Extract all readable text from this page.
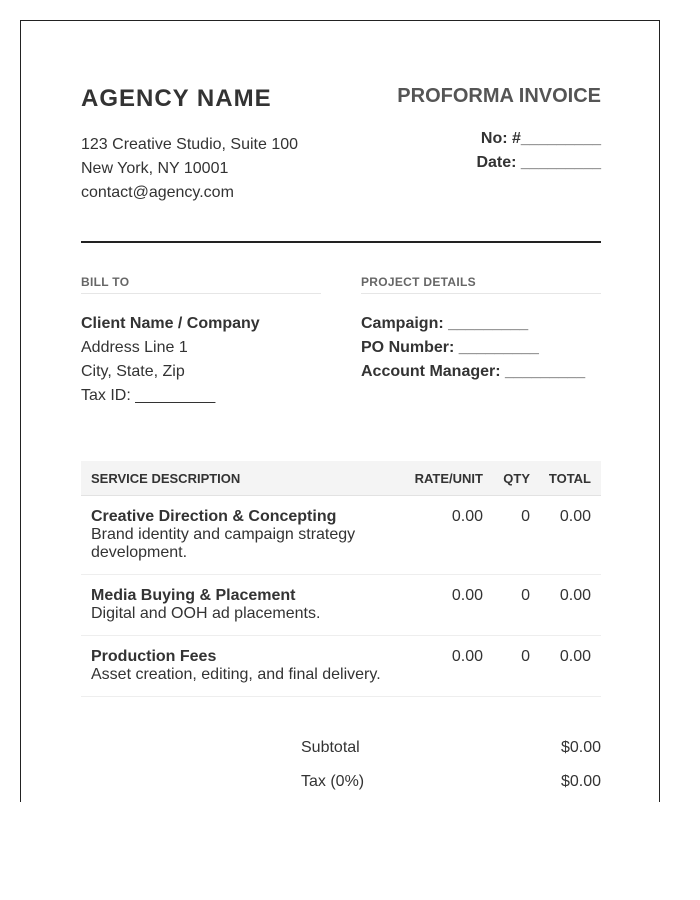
AGENCY NAME	PROFORMA INVOICE
123 Creative Studio, Suite 100
New York, NY 10001
contact@agency.com
No: #_________
Date: _________
BILL TO
Client Name / Company
Address Line 1
City, State, Zip
Tax ID: _________
PROJECT DETAILS
Campaign: _________
PO Number: _________
Account Manager: _________
SERVICE DESCRIPTION	RATE/UNIT	QTY	TOTAL
Creative Direction & Concepting
Brand identity and campaign strategy development.
0.00	0	0.00
Media Buying & Placement
Digital and OOH ad placements.
0.00	0	0.00
Production Fees
Asset creation, editing, and final delivery.
0.00	0	0.00
Subtotal	$0.00
Tax (0%)	$0.00
